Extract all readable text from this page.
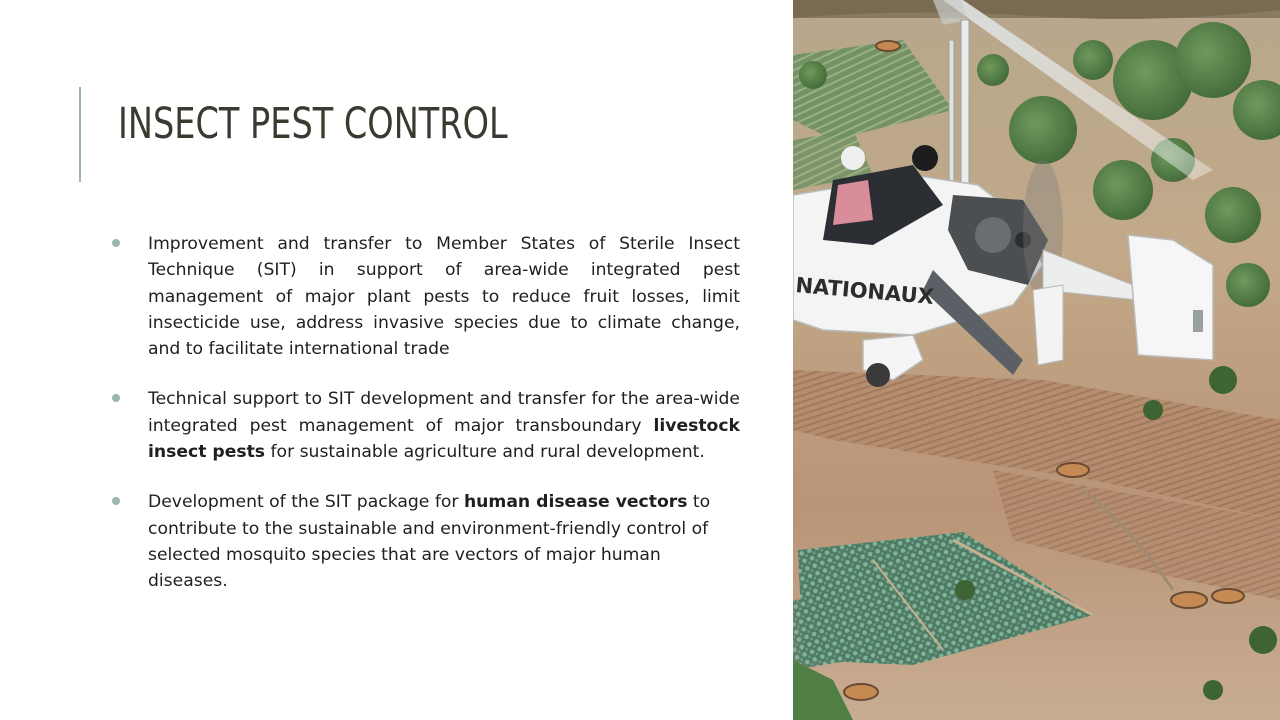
INSECT PEST CONTROL
Improvement and transfer to Member States of Sterile Insect Technique (SIT) in support of area-wide integrated pest management of major plant pests to reduce fruit losses, limit insecticide use, address invasive species due to climate change, and to facilitate international trade
Technical support to SIT development and transfer for the area-wide integrated pest management of major transboundary livestock insect pests for sustainable agriculture and rural development.
Development of the SIT package for human disease vectors to contribute to the sustainable and environment-friendly control of selected mosquito species that are vectors of major human diseases.
NATIONAUX
